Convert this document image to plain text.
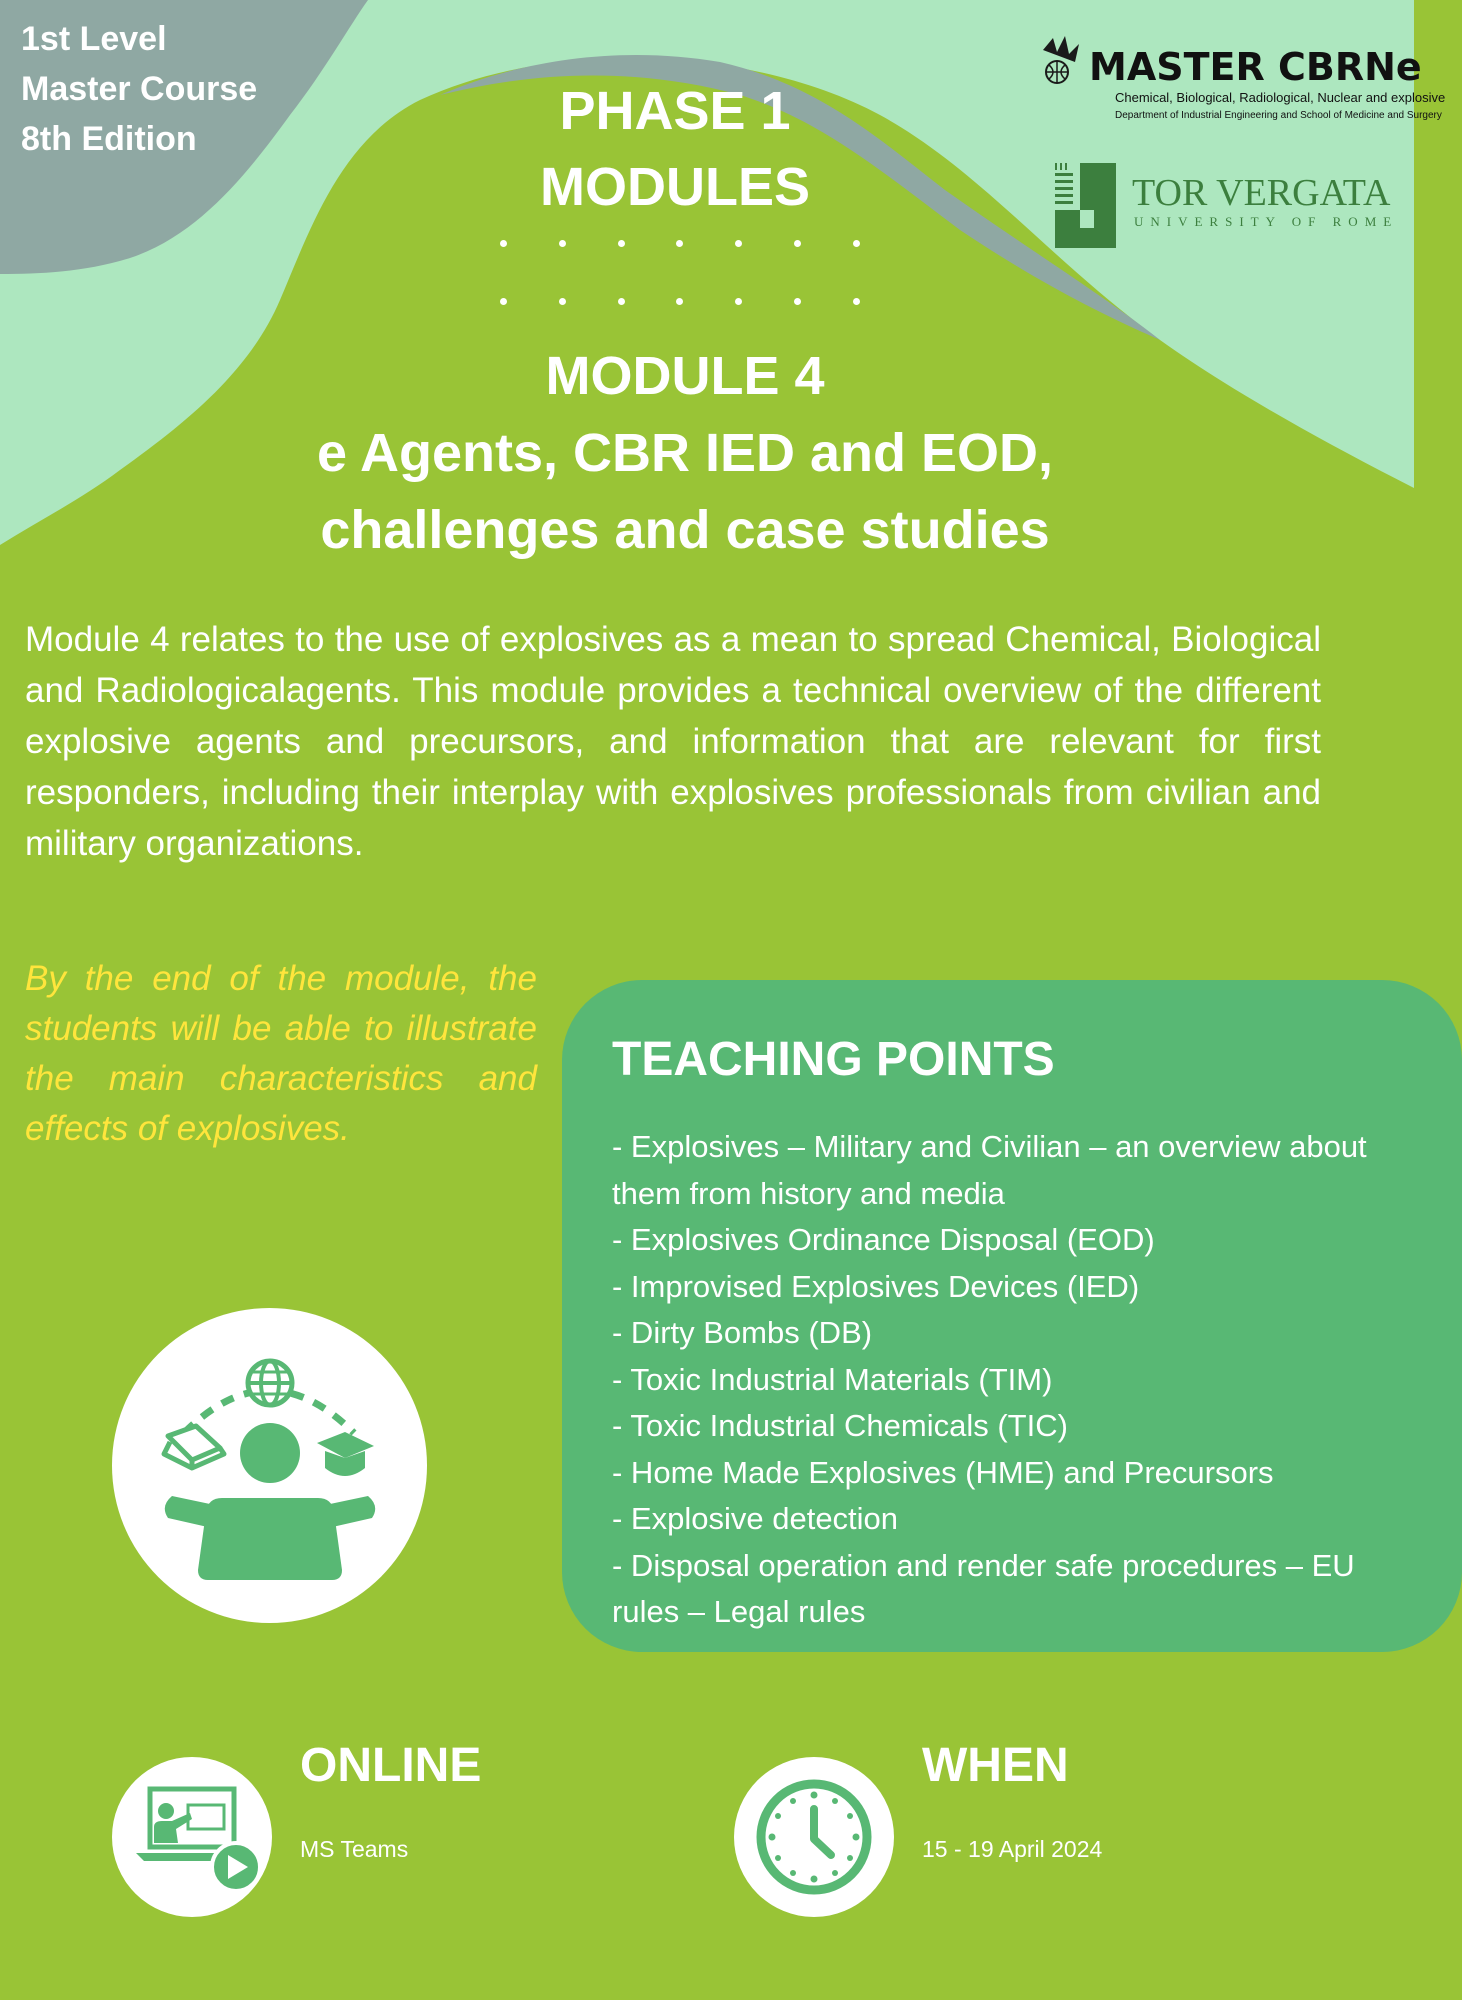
1st Level
Master Course
8th Edition	PHASE 1
MODULES
MASTER CBRNe
Chemical, Biological, Radiological, Nuclear and explosive
Department of Industrial Engineering and School of Medicine and Surgery
TOR VERGATA
UNIVERSITY OF ROME
MODULE 4
e Agents, CBR IED and EOD,
challenges and case studies
Module 4 relates to the use of explosives as a mean to spread Chemical, Biological and Radiologicalagents. This module provides a technical overview of the different explosive agents and precursors, and information that are relevant for first responders, including their interplay with explosives professionals from civilian and military organizations.
By the end of the module, the students will be able to illustrate the main characteristics and effects of explosives.
TEACHING POINTS
- Explosives – Military and Civilian – an overview about
them from history and media
- Explosives Ordinance Disposal (EOD)
- Improvised Explosives Devices (IED)
- Dirty Bombs (DB)
- Toxic Industrial Materials (TIM)
- Toxic Industrial Chemicals (TIC)
- Home Made Explosives (HME) and Precursors
- Explosive detection
- Disposal operation and render safe procedures – EU
rules – Legal rules
ONLINE
MS Teams
WHEN
15 - 19 April 2024
